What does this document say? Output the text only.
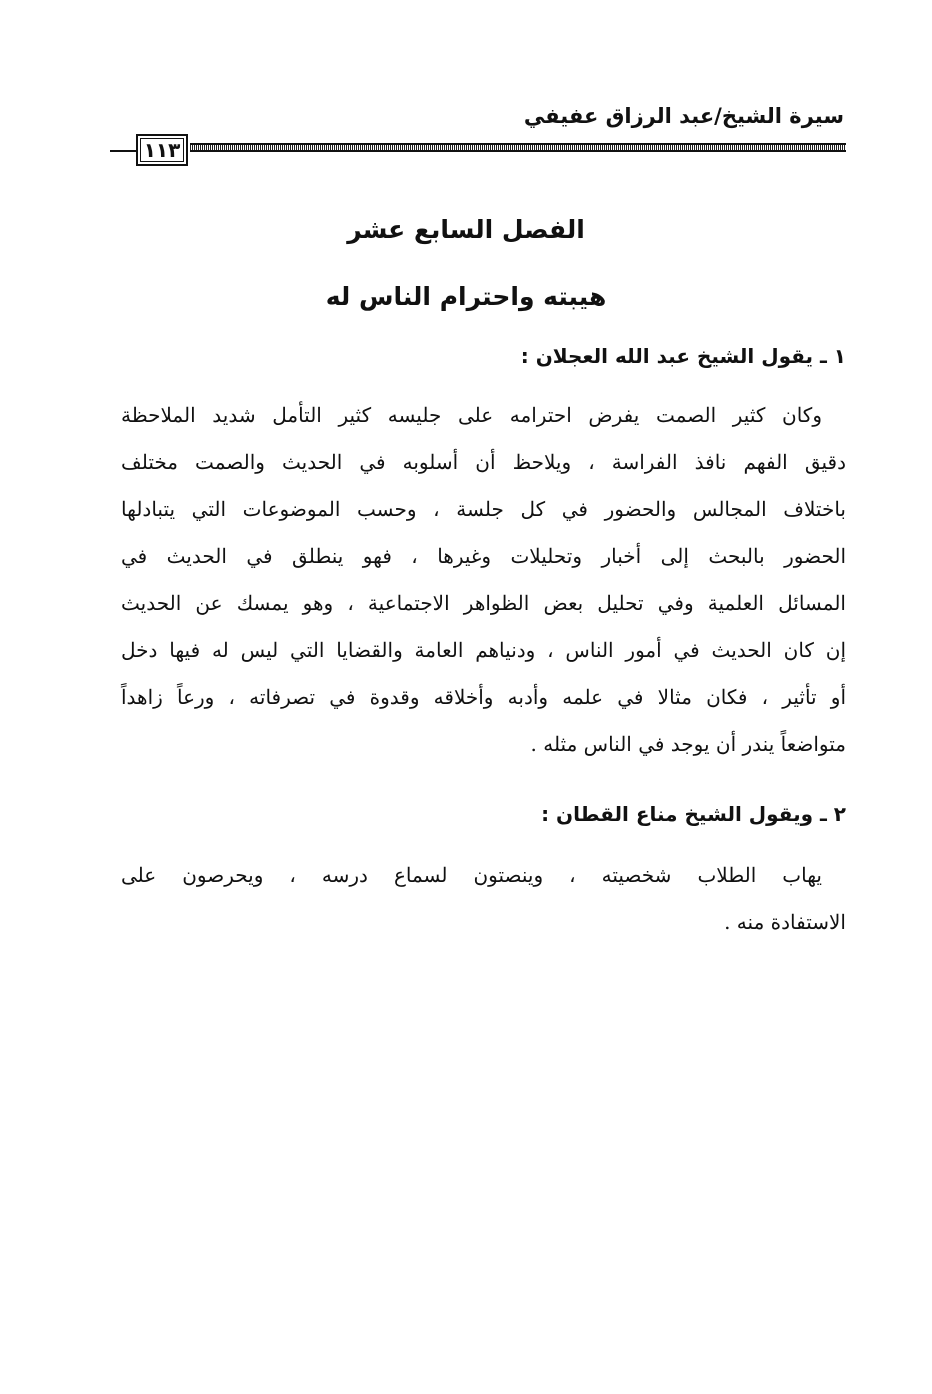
سيرة الشيخ/عبد الرزاق عفيفي
١١٣
الفصل السابع عشر
هيبته واحترام الناس له
١ ـ يقول الشيخ عبد الله العجلان :
وكان كثير الصمت يفرض احترامه على جليسه كثير التأمل شديد الملاحظة
دقيق الفهم نافذ الفراسة ، ويلاحظ أن أسلوبه في الحديث والصمت مختلف
باختلاف المجالس والحضور في كل جلسة ، وحسب الموضوعات التي يتبادلها
الحضور بالبحث إلى أخبار وتحليلات وغيرها ، فهو ينطلق في الحديث في
المسائل العلمية وفي تحليل بعض الظواهر الاجتماعية ، وهو يمسك عن الحديث
إن كان الحديث في أمور الناس ، ودنياهم العامة والقضايا التي ليس له فيها دخل
أو تأثير ، فكان مثالا في علمه وأدبه وأخلاقه وقدوة في تصرفاته ، ورعاً زاهداً
متواضعاً يندر أن يوجد في الناس مثله .
٢ ـ ويقول الشيخ مناع القطان :
يهاب الطلاب شخصيته ، وينصتون لسماع درسه ، ويحرصون على
الاستفادة منه .
